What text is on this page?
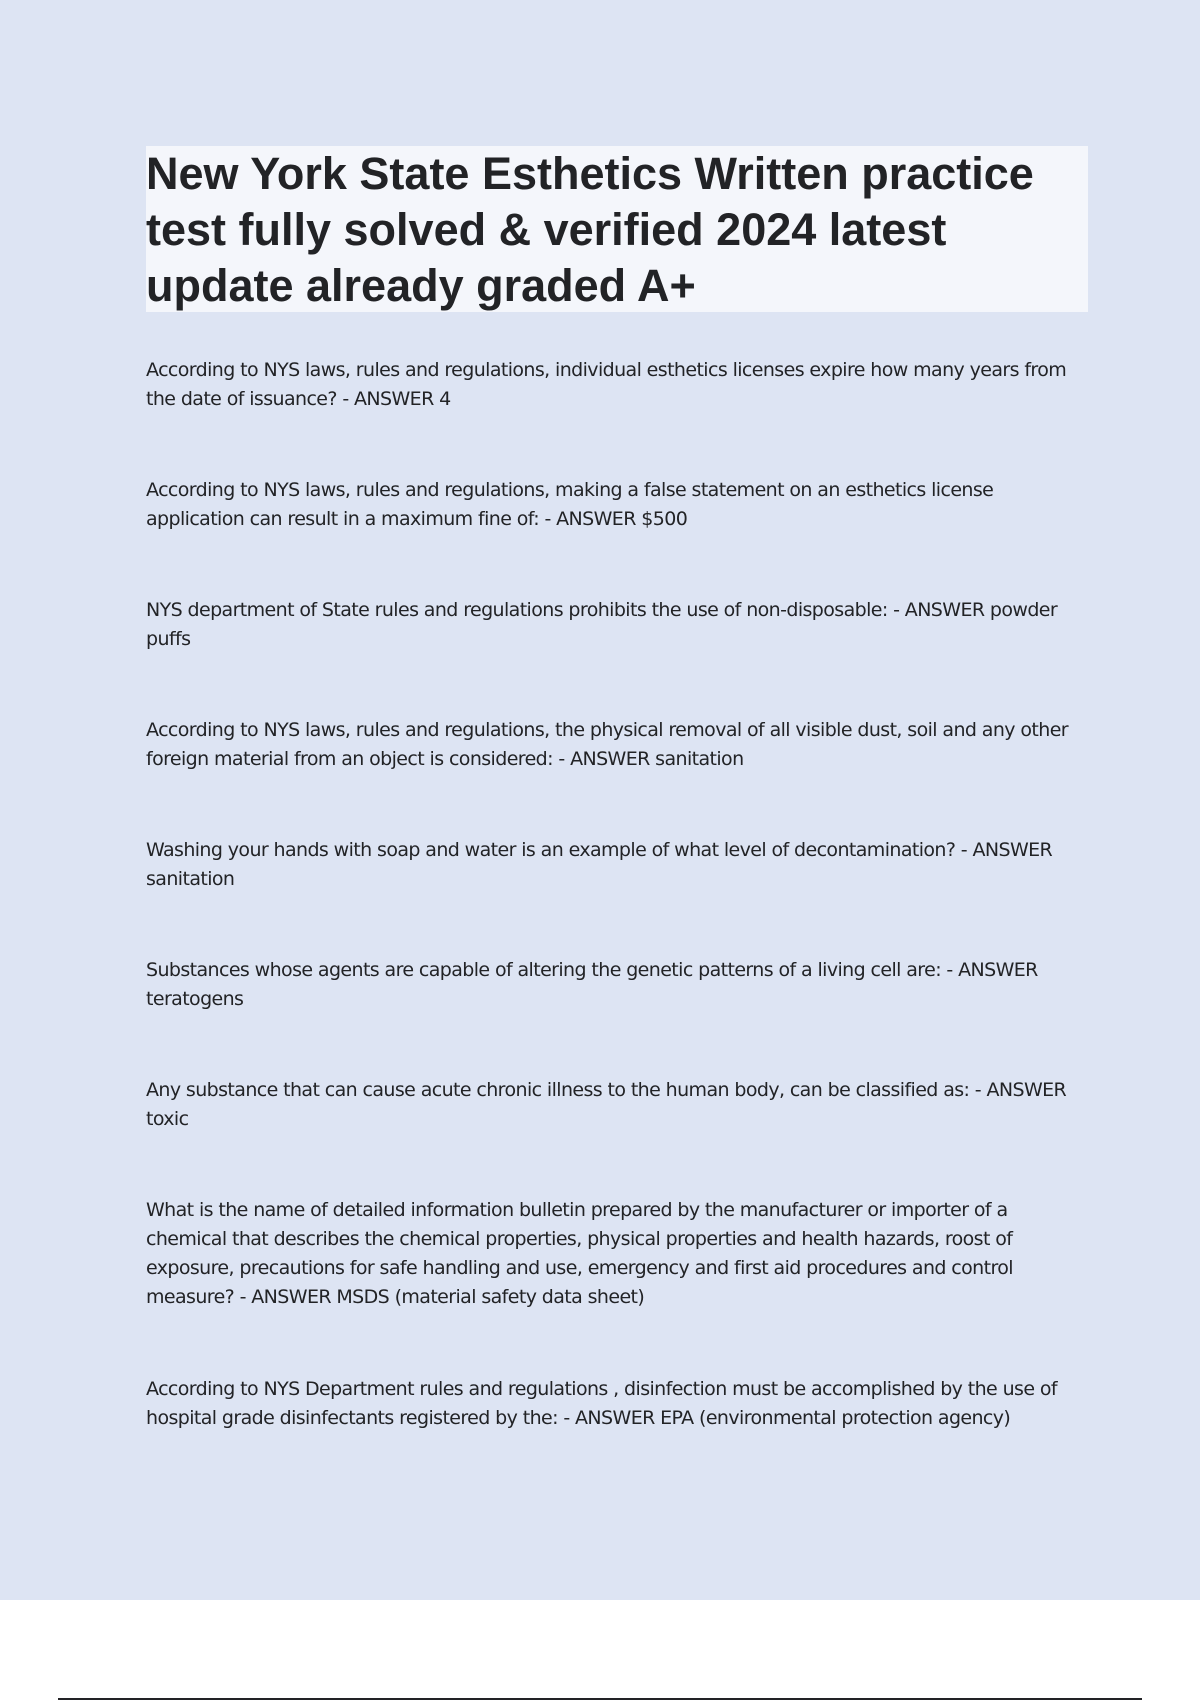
New York State Esthetics Written practice test fully solved & verified 2024 latest update already graded A+

According to NYS laws, rules and regulations, individual esthetics licenses expire how many years from the date of issuance? - ANSWER 4

According to NYS laws, rules and regulations, making a false statement on an esthetics license application can result in a maximum fine of: - ANSWER $500

NYS department of State rules and regulations prohibits the use of non-disposable: - ANSWER powder puffs

According to NYS laws, rules and regulations, the physical removal of all visible dust, soil and any other foreign material from an object is considered: - ANSWER sanitation

Washing your hands with soap and water is an example of what level of decontamination? - ANSWER sanitation

Substances whose agents are capable of altering the genetic patterns of a living cell are: - ANSWER teratogens

Any substance that can cause acute chronic illness to the human body, can be classified as: - ANSWER toxic

What is the name of detailed information bulletin prepared by the manufacturer or importer of a chemical that describes the chemical properties, physical properties and health hazards, roost of exposure, precautions for safe handling and use, emergency and first aid procedures and control measure? - ANSWER MSDS (material safety data sheet)

According to NYS Department rules and regulations , disinfection must be accomplished by the use of hospital grade disinfectants registered by the: - ANSWER EPA (environmental protection agency)
